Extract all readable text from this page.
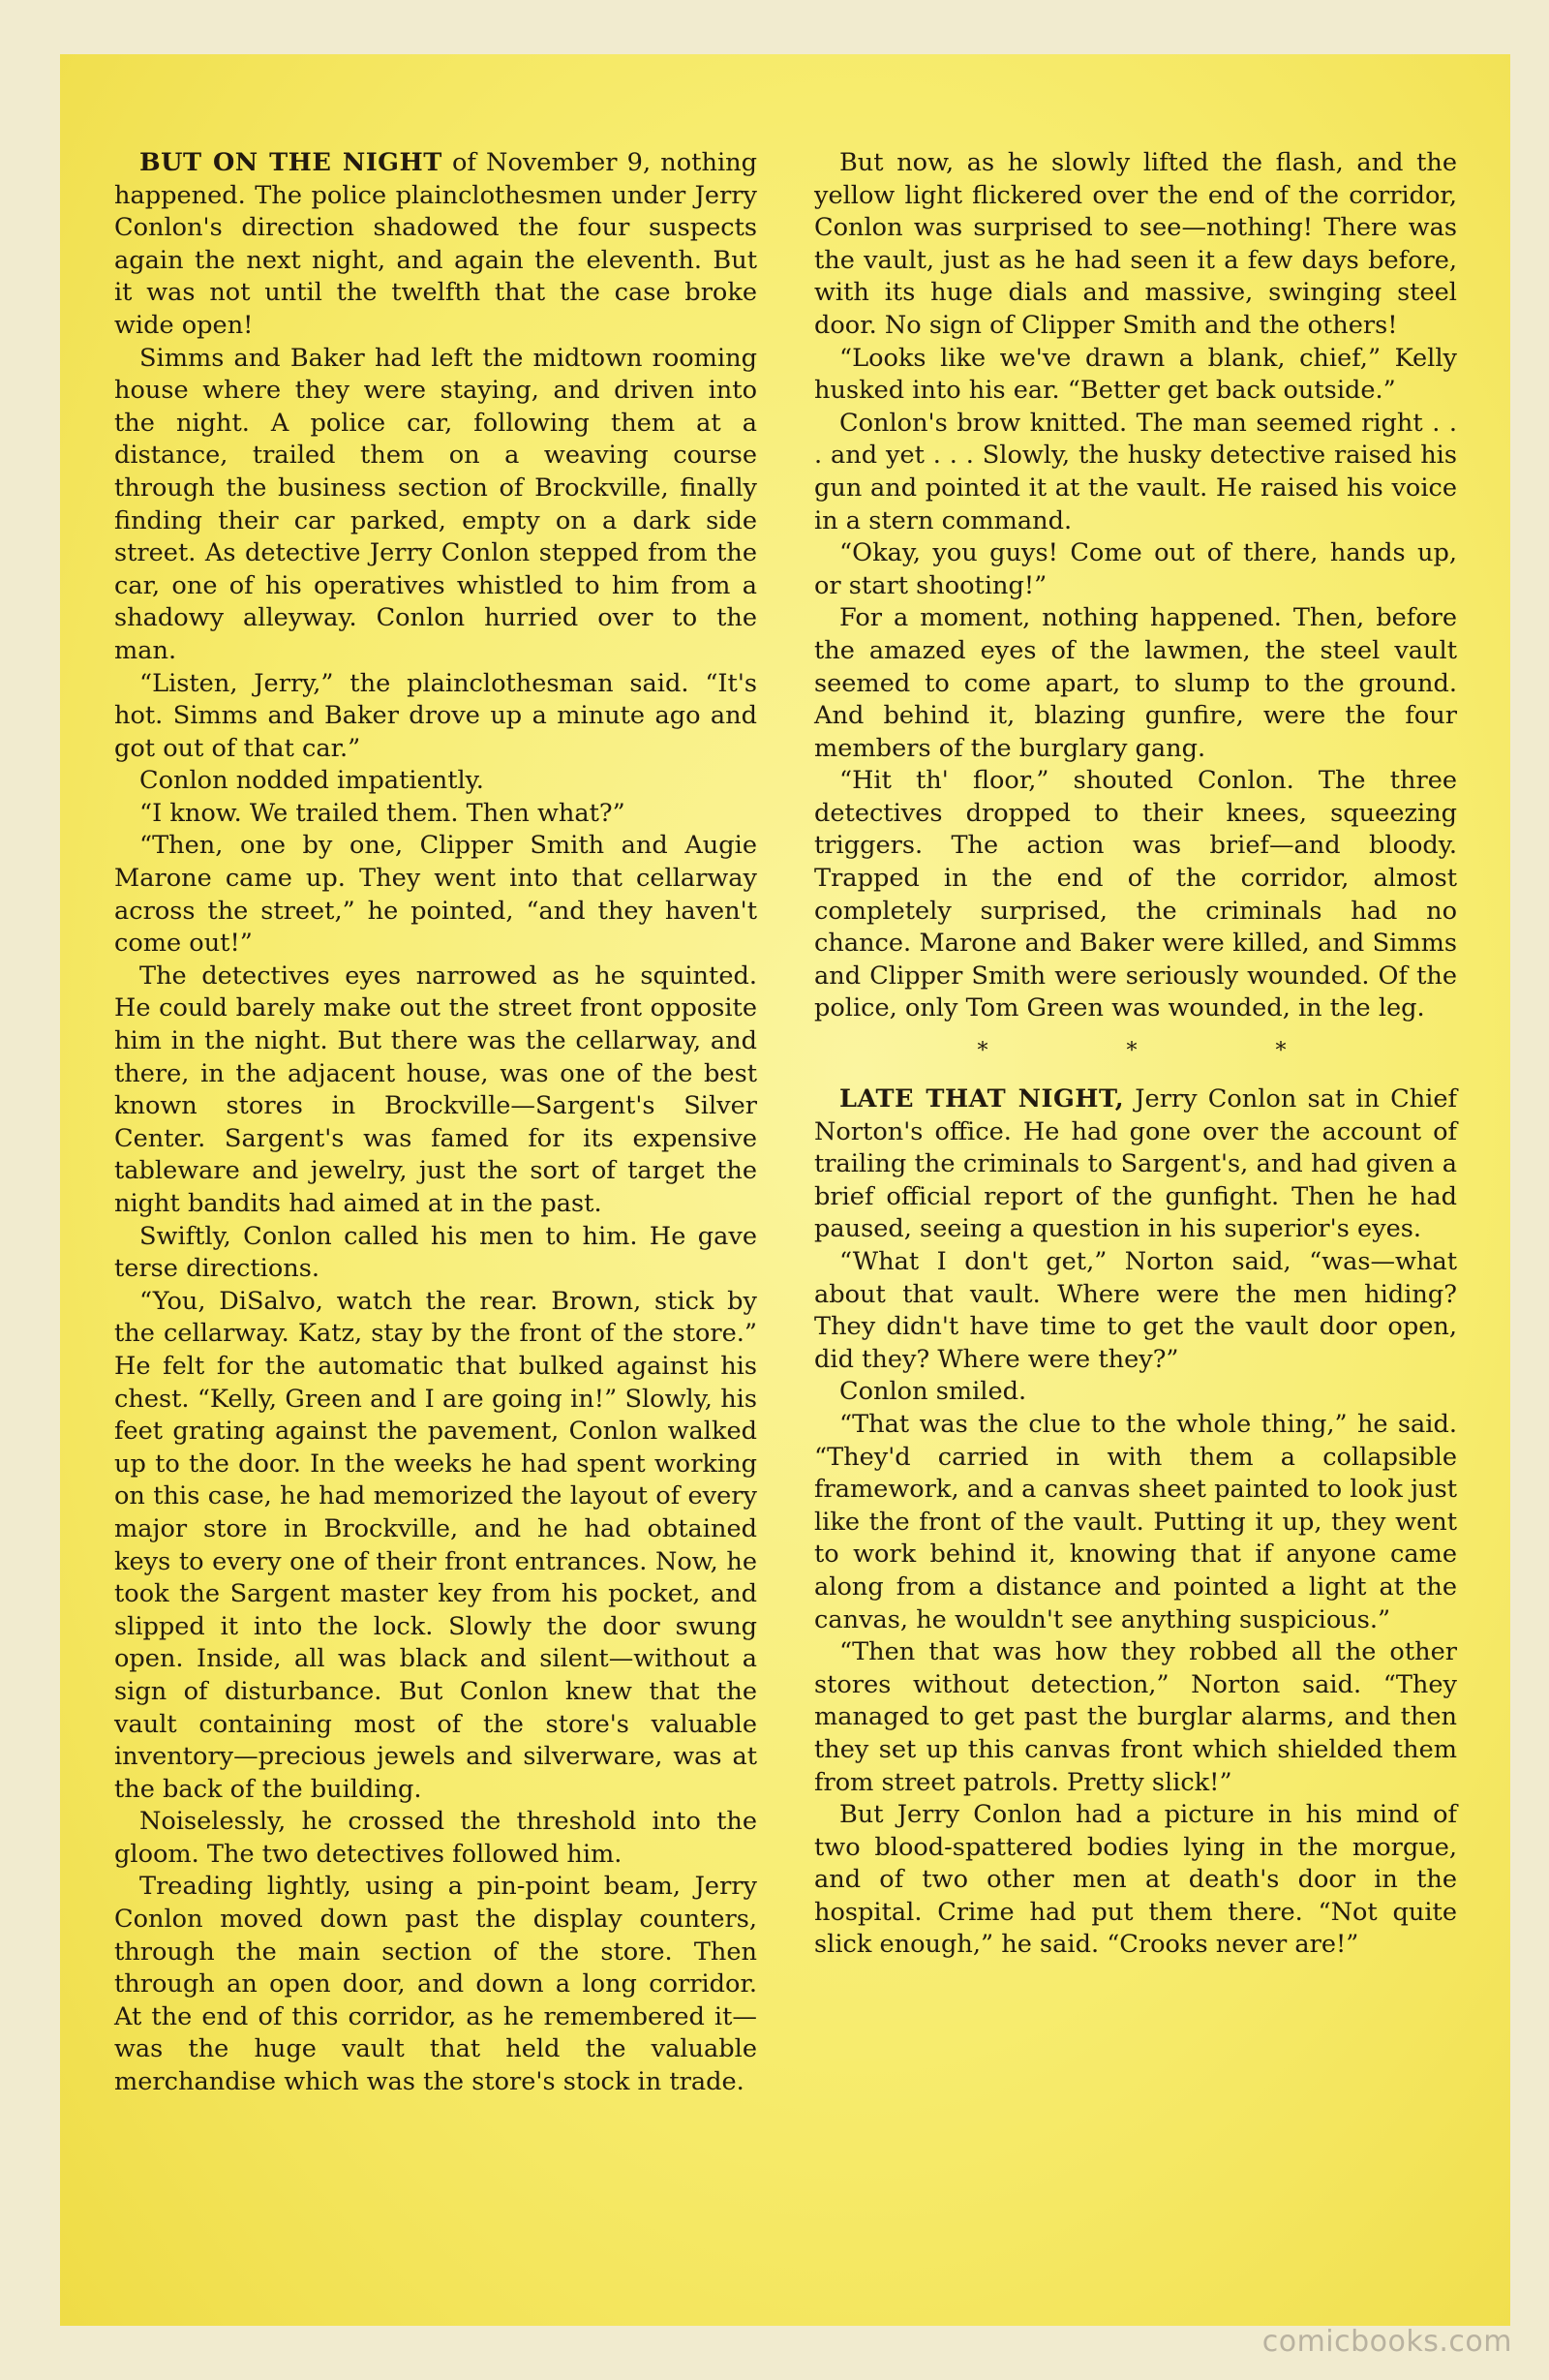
BUT ON THE NIGHT of November 9, nothing happened. The police plainclothesmen under Jerry Conlon's direction shadowed the four suspects again the next night, and again the eleventh. But it was not until the twelfth that the case broke wide open!

Simms and Baker had left the midtown rooming house where they were staying, and driven into the night. A police car, following them at a distance, trailed them on a weaving course through the business section of Brockville, finally finding their car parked, empty on a dark side street. As detective Jerry Conlon stepped from the car, one of his operatives whistled to him from a shadowy alleyway. Conlon hurried over to the man.

“Listen, Jerry,” the plainclothesman said. “It's hot. Simms and Baker drove up a minute ago and got out of that car.”

Conlon nodded impatiently.

“I know. We trailed them. Then what?”

“Then, one by one, Clipper Smith and Augie Marone came up. They went into that cellarway across the street,” he pointed, “and they haven't come out!”

The detectives eyes narrowed as he squinted. He could barely make out the street front opposite him in the night. But there was the cellarway, and there, in the adjacent house, was one of the best known stores in Brockville—Sargent's Silver Center. Sargent's was famed for its expensive tableware and jewelry, just the sort of target the night bandits had aimed at in the past.

Swiftly, Conlon called his men to him. He gave terse directions.

“You, DiSalvo, watch the rear. Brown, stick by the cellarway. Katz, stay by the front of the store.” He felt for the automatic that bulked against his chest. “Kelly, Green and I are going in!” Slowly, his feet grating against the pavement, Conlon walked up to the door. In the weeks he had spent working on this case, he had memorized the layout of every major store in Brockville, and he had obtained keys to every one of their front entrances. Now, he took the Sargent master key from his pocket, and slipped it into the lock. Slowly the door swung open. Inside, all was black and silent—without a sign of disturbance. But Conlon knew that the vault containing most of the store's valuable inventory—precious jewels and silverware, was at the back of the building.

Noiselessly, he crossed the threshold into the gloom. The two detectives followed him.

Treading lightly, using a pin-point beam, Jerry Conlon moved down past the display counters, through the main section of the store. Then through an open door, and down a long corridor. At the end of this corridor, as he remembered it—was the huge vault that held the valuable merchandise which was the store's stock in trade.

But now, as he slowly lifted the flash, and the yellow light flickered over the end of the corridor, Conlon was surprised to see—nothing! There was the vault, just as he had seen it a few days before, with its huge dials and massive, swinging steel door. No sign of Clipper Smith and the others!

“Looks like we've drawn a blank, chief,” Kelly husked into his ear. “Better get back outside.”

Conlon's brow knitted. The man seemed right . . . and yet . . . Slowly, the husky detective raised his gun and pointed it at the vault. He raised his voice in a stern command.

“Okay, you guys! Come out of there, hands up, or start shooting!”

For a moment, nothing happened. Then, before the amazed eyes of the lawmen, the steel vault seemed to come apart, to slump to the ground. And behind it, blazing gunfire, were the four members of the burglary gang.

“Hit th' floor,” shouted Conlon. The three detectives dropped to their knees, squeezing triggers. The action was brief—and bloody. Trapped in the end of the corridor, almost completely surprised, the criminals had no chance. Marone and Baker were killed, and Simms and Clipper Smith were seriously wounded. Of the police, only Tom Green was wounded, in the leg.

* * *

LATE THAT NIGHT, Jerry Conlon sat in Chief Norton's office. He had gone over the account of trailing the criminals to Sargent's, and had given a brief official report of the gunfight. Then he had paused, seeing a question in his superior's eyes.

“What I don't get,” Norton said, “was—what about that vault. Where were the men hiding? They didn't have time to get the vault door open, did they? Where were they?”

Conlon smiled.

“That was the clue to the whole thing,” he said. “They'd carried in with them a collapsible framework, and a canvas sheet painted to look just like the front of the vault. Putting it up, they went to work behind it, knowing that if anyone came along from a distance and pointed a light at the canvas, he wouldn't see anything suspicious.”

“Then that was how they robbed all the other stores without detection,” Norton said. “They managed to get past the burglar alarms, and then they set up this canvas front which shielded them from street patrols. Pretty slick!”

But Jerry Conlon had a picture in his mind of two blood-spattered bodies lying in the morgue, and of two other men at death's door in the hospital. Crime had put them there. “Not quite slick enough,” he said. “Crooks never are!”

comicbooks.com
